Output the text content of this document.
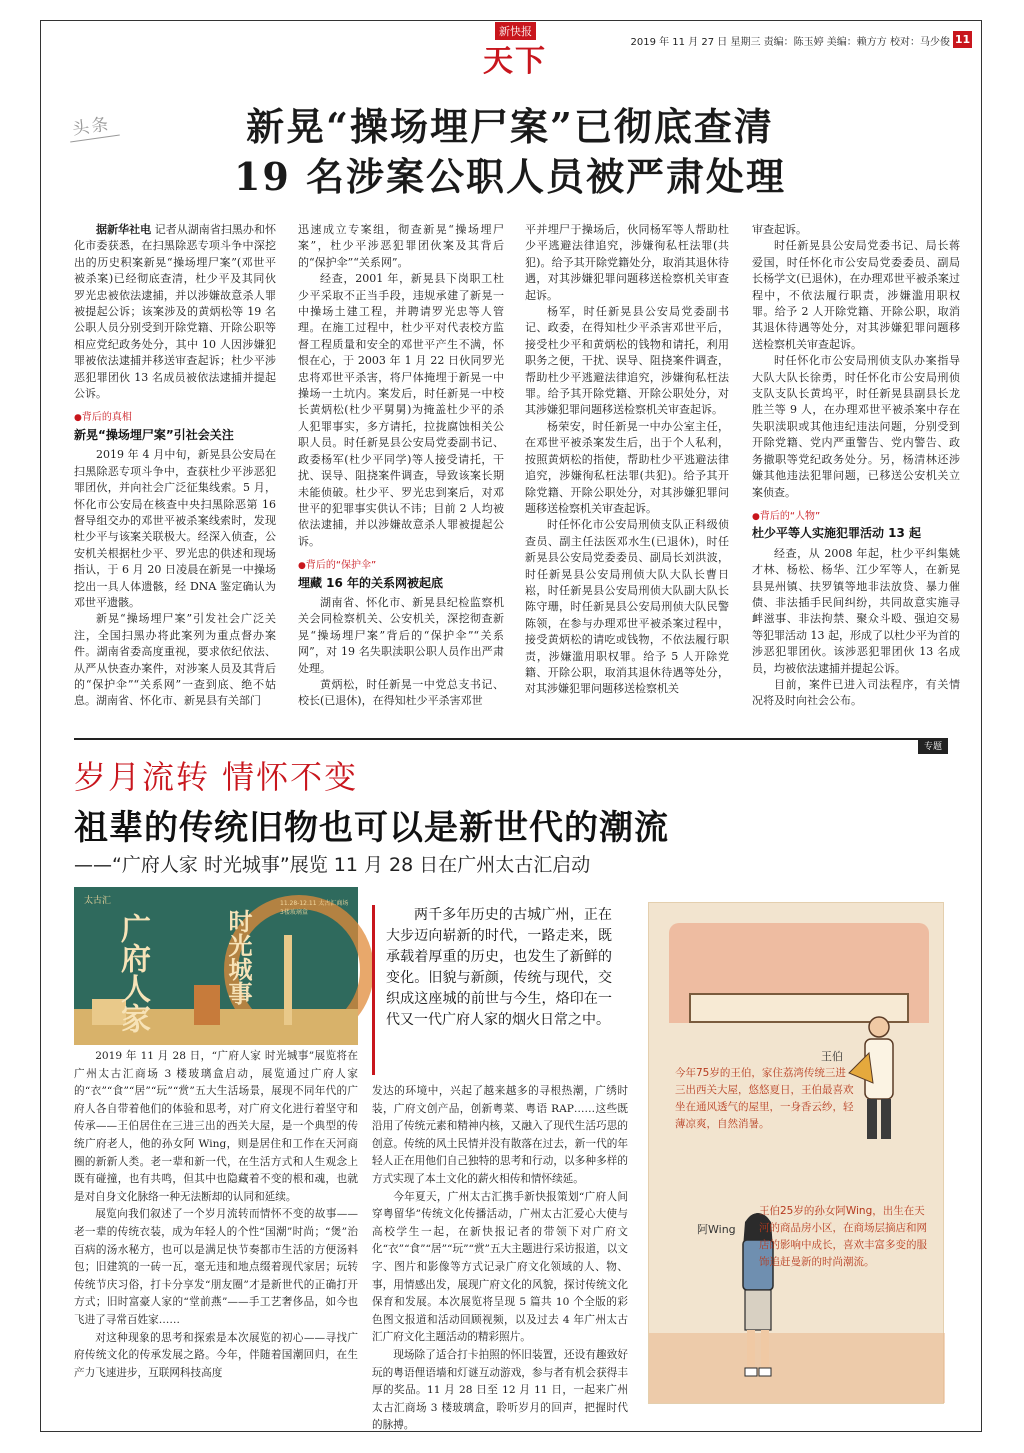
新快报
天下
2019 年 11 月 27 日 星期三 责编：陈玉婷 美编：赖方方 校对：马少俊 11
头条	新晃“操场埋尸案”已彻底查清
19 名涉案公职人员被严肃处理

据新华社电 记者从湖南省扫黑办和怀化市委获悉，在扫黑除恶专项斗争中深挖出的历史积案新晃“操场埋尸案”(邓世平被杀案)已经彻底查清，杜少平及其同伙罗光忠被依法逮捕，并以涉嫌故意杀人罪被提起公诉；该案涉及的黄炳松等 19 名公职人员分别受到开除党籍、开除公职等相应党纪政务处分，其中 10 人因涉嫌犯罪被依法逮捕并移送审查起诉；杜少平涉恶犯罪团伙 13 名成员被依法逮捕并提起公诉。

●背后的真相
新晃“操场埋尸案”引社会关注

2019 年 4 月中旬，新晃县公安局在扫黑除恶专项斗争中，查获杜少平涉恶犯罪团伙，并向社会广泛征集线索。5 月，怀化市公安局在核查中央扫黑除恶第 16 督导组交办的邓世平被杀案线索时，发现杜少平与该案关联极大。经深入侦查，公安机关根据杜少平、罗光忠的供述和现场指认，于 6 月 20 日凌晨在新晃一中操场挖出一具人体遗骸，经 DNA 鉴定确认为邓世平遗骸。

新晃“操场埋尸案”引发社会广泛关注，全国扫黑办将此案列为重点督办案件。湖南省委高度重视，要求依纪依法、从严从快查办案件，对涉案人员及其背后的“保护伞”“关系网”一查到底、绝不姑息。湖南省、怀化市、新晃县有关部门

迅速成立专案组，彻查新晃“操场埋尸案”，杜少平涉恶犯罪团伙案及其背后的“保护伞”“关系网”。

经查，2001 年，新晃县下岗职工杜少平采取不正当手段，违规承建了新晃一中操场土建工程，并聘请罗光忠等人管理。在施工过程中，杜少平对代表校方监督工程质量和安全的邓世平产生不满，怀恨在心，于 2003 年 1 月 22 日伙同罗光忠将邓世平杀害，将尸体掩埋于新晃一中操场一土坑内。案发后，时任新晃一中校长黄炳松(杜少平舅舅)为掩盖杜少平的杀人犯罪事实，多方请托，拉拢腐蚀相关公职人员。时任新晃县公安局党委副书记、政委杨军(杜少平同学)等人接受请托，干扰、误导、阻挠案件调查，导致该案长期未能侦破。杜少平、罗光忠到案后，对邓世平的犯罪事实供认不讳；目前 2 人均被依法逮捕，并以涉嫌故意杀人罪被提起公诉。

●背后的“保护伞”
埋藏 16 年的关系网被起底

湖南省、怀化市、新晃县纪检监察机关会同检察机关、公安机关，深挖彻查新晃“操场埋尸案”背后的“保护伞”“关系网”，对 19 名失职渎职公职人员作出严肃处理。

黄炳松，时任新晃一中党总支书记、校长(已退休)，在得知杜少平杀害邓世

平并埋尸于操场后，伙同杨军等人帮助杜少平逃避法律追究，涉嫌徇私枉法罪(共犯)。给予其开除党籍处分，取消其退休待遇，对其涉嫌犯罪问题移送检察机关审查起诉。

杨军，时任新晃县公安局党委副书记、政委，在得知杜少平杀害邓世平后，接受杜少平和黄炳松的钱物和请托，利用职务之便，干扰、误导、阻挠案件调查，帮助杜少平逃避法律追究，涉嫌徇私枉法罪。给予其开除党籍、开除公职处分，对其涉嫌犯罪问题移送检察机关审查起诉。

杨荣安，时任新晃一中办公室主任，在邓世平被杀案发生后，出于个人私利，按照黄炳松的指使，帮助杜少平逃避法律追究，涉嫌徇私枉法罪(共犯)。给予其开除党籍、开除公职处分，对其涉嫌犯罪问题移送检察机关审查起诉。

时任怀化市公安局刑侦支队正科级侦查员、副主任法医邓水生(已退休)，时任新晃县公安局党委委员、副局长刘洪波，时任新晃县公安局刑侦大队大队长曹日崧，时任新晃县公安局刑侦大队副大队长陈守珊，时任新晃县公安局刑侦大队民警陈领，在参与办理邓世平被杀案过程中，接受黄炳松的请吃或钱物，不依法履行职责，涉嫌滥用职权罪。给予 5 人开除党籍、开除公职，取消其退休待遇等处分，对其涉嫌犯罪问题移送检察机关

审查起诉。

时任新晃县公安局党委书记、局长蒋爱国，时任怀化市公安局党委委员、副局长杨学文(已退休)，在办理邓世平被杀案过程中，不依法履行职责，涉嫌滥用职权罪。给予 2 人开除党籍、开除公职，取消其退休待遇等处分，对其涉嫌犯罪问题移送检察机关审查起诉。

时任怀化市公安局刑侦支队办案指导大队大队长徐勇，时任怀化市公安局刑侦支队支队长黄坞平，时任新晃县副县长龙胜兰等 9 人，在办理邓世平被杀案中存在失职渎职或其他违纪违法问题，分别受到开除党籍、党内严重警告、党内警告、政务撤职等党纪政务处分。另，杨清林还涉嫌其他违法犯罪问题，已移送公安机关立案侦查。

●背后的“人物”
杜少平等人实施犯罪活动 13 起

经查，从 2008 年起，杜少平纠集姚才林、杨松、杨华、江少军等人，在新晃县晃州镇、扶罗镇等地非法放贷、暴力催债、非法插手民间纠纷，共同故意实施寻衅滋事、非法拘禁、聚众斗殴、强迫交易等犯罪活动 13 起，形成了以杜少平为首的涉恶犯罪团伙。该涉恶犯罪团伙 13 名成员，均被依法逮捕并提起公诉。

目前，案件已进入司法程序，有关情况将及时向社会公布。

专题
岁月流转 情怀不变
祖辈的传统旧物也可以是新世代的潮流
——“广府人家 时光城事”展览 11 月 28 日在广州太古汇启动
太古汇
广府人家	时光城事
11.28-12.11 太古汇商场3楼玻璃盒	两千多年历史的古城广州，正在大步迈向崭新的时代，一路走来，既承载着厚重的历史，也发生了新鲜的变化。旧貌与新颜，传统与现代，交织成这座城的前世与今生，烙印在一代又一代广府人家的烟火日常之中。

2019 年 11 月 28 日，“广府人家 时光城事”展览将在广州太古汇商场 3 楼玻璃盒启动，展览通过广府人家的“衣”“食”“居”“玩”“赏”五大生活场景，展现不同年代的广府人各自带着他们的体验和思考，对广府文化进行着坚守和传承——王伯居住在三进三出的西关大屋，是一个典型的传统广府老人，他的孙女阿 Wing，则是居住和工作在天河商圈的新新人类。老一辈和新一代，在生活方式和人生观念上既有碰撞，也有共鸣，但其中也隐藏着不变的根和魂，也就是对自身文化脉络一种无法断却的认同和延续。

展览向我们叙述了一个岁月流转而情怀不变的故事——老一辈的传统衣装，成为年轻人的个性“国潮”时尚；“煲”治百病的汤水秘方，也可以是满足快节奏都市生活的方便汤料包；旧建筑的一砖一瓦，毫无违和地点缀着现代家居；玩转传统节庆习俗，打卡分享发“朋友圈”才是新世代的正确打开方式；旧时富豪人家的“堂前燕”——手工艺奢侈品，如今也飞进了寻常百姓家……

对这种现象的思考和探索是本次展览的初心——寻找广府传统文化的传承发展之路。今年，伴随着国潮回归，在生产力飞速进步，互联网科技高度

发达的环境中，兴起了越来越多的寻根热潮，广绣时装，广府文创产品，创新粤菜、粤语 RAP……这些既沿用了传统元素和精神内核，又融入了现代生活巧思的创意。传统的风土民情并没有散落在过去，新一代的年轻人正在用他们自己独特的思考和行动，以多种多样的方式实现了本土文化的薪火相传和情怀续延。

今年夏天，广州太古汇携手新快报策划“广府人间 穿粤留华”传统文化传播活动，广州太古汇爱心大使与高校学生一起，在新快报记者的带领下对广府文化“衣”“食”“居”“玩”“赏”五大主题进行采访报道，以文字、图片和影像等方式记录广府文化领域的人、物、事，用情感出发，展现广府文化的风貌，探讨传统文化保育和发展。本次展览将呈现 5 篇共 10 个全版的彩色图文报道和活动回顾视频，以及过去 4 年广州太古汇广府文化主题活动的精彩照片。

现场除了适合打卡拍照的怀旧装置，还设有趣致好玩的粤语俚语墙和灯谜互动游戏，参与者有机会获得丰厚的奖品。11 月 28 日至 12 月 11 日，一起来广州太古汇商场 3 楼玻璃盒，聆听岁月的回声，把握时代的脉搏。

王伯
今年75岁的王伯，家住荔湾传统三进三出西关大屋，悠悠夏日，王伯最喜欢坐在通风透气的屋里，一身香云纱，轻薄凉爽，自然消暑。
阿Wing
王伯25岁的孙女阿Wing，出生在天河的商品房小区，在商场层摘店和网店的影响中成长，喜欢丰富多变的服饰追赶曼新的时尚潮流。
